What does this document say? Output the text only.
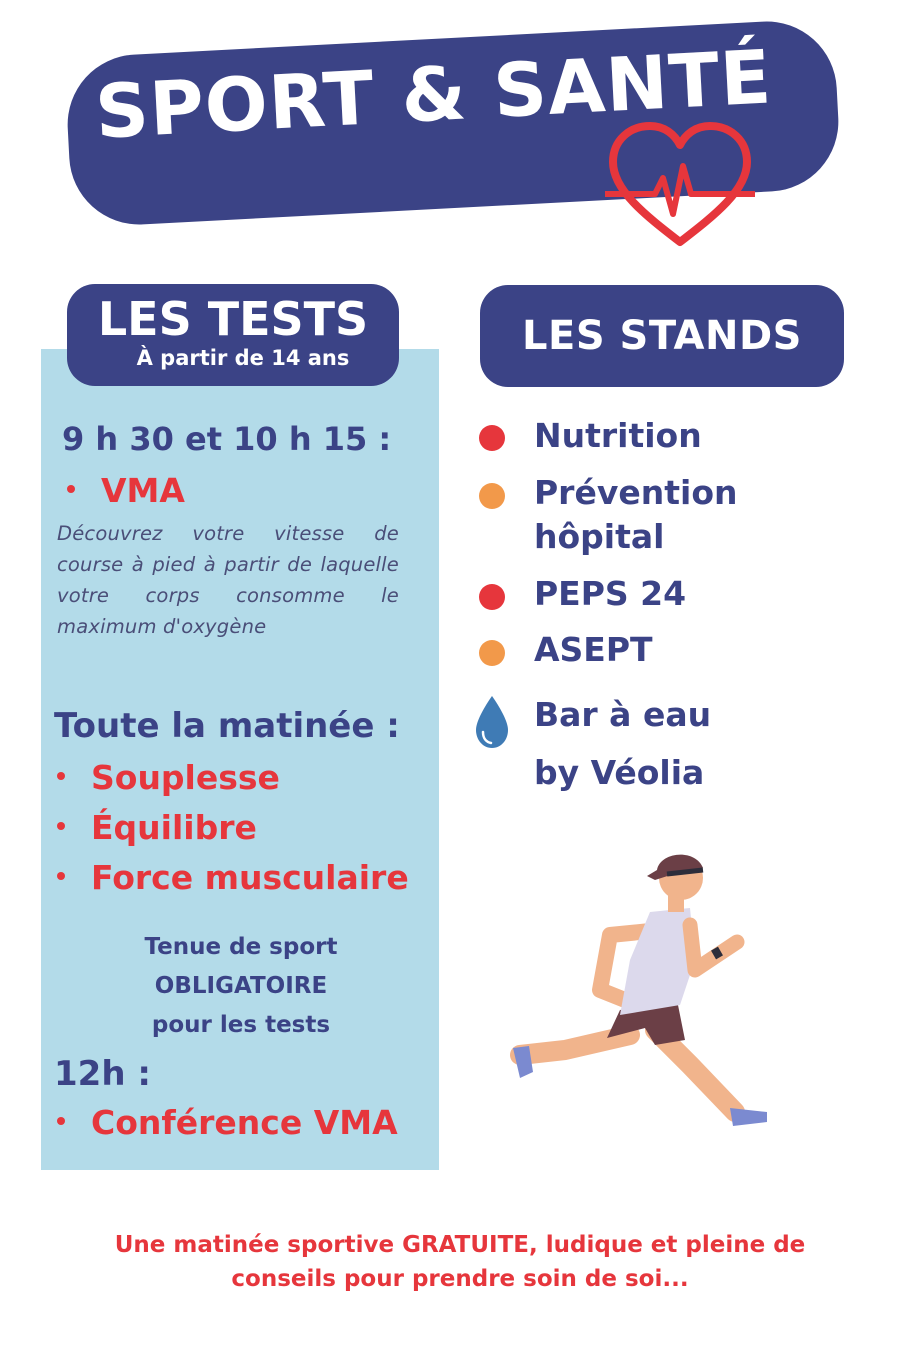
SPORT & SANTÉ
LES TESTS
À partir de 14 ans
9 h 30 et 10 h 15 :
VMA
Découvrez votre vitesse de course à pied à partir de laquelle votre corps consomme le maximum d'oxygène
Toute la matinée :
Souplesse
Équilibre
Force musculaire
Tenue de sport
OBLIGATOIRE
pour les tests
12h :
Conférence VMA
LES STANDS
Nutrition
Prévention
hôpital
PEPS 24
ASEPT
Bar à eau
by Véolia
Une matinée sportive GRATUITE, ludique et pleine de
conseils pour prendre soin de soi...
